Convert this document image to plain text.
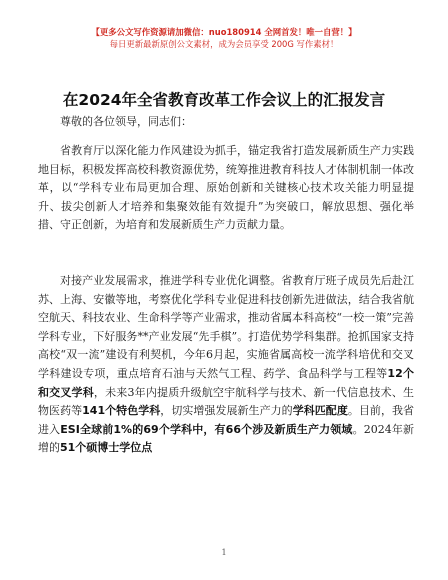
【更多公文写作资源请加微信：nuo180914 全网首发！唯一自营！】
每日更新最新原创公文素材，成为会员享受 200G 写作素材！
在2024年全省教育改革工作会议上的汇报发言
尊敬的各位领导，同志们：

省教育厅以深化能力作风建设为抓手，锚定我省打造发展新质生产力实践地目标，积极发挥高校科教资源优势，统筹推进教育科技人才体制机制一体改革，以“学科专业布局更加合理、原始创新和关键核心技术攻关能力明显提升、拔尖创新人才培养和集聚效能有效提升”为突破口，解放思想、强化举措、守正创新，为培育和发展新质生产力贡献力量。

对接产业发展需求，推进学科专业优化调整。省教育厅班子成员先后赴江苏、上海、安徽等地，考察优化学科专业促进科技创新先进做法，结合我省航空航天、科技农业、生命科学等产业需求，推动省属本科高校“一校一策”完善学科专业，下好服务**产业发展“先手棋”。打造优势学科集群。抢抓国家支持高校“双一流”建设有利契机，今年6月起，实施省属高校一流学科培优和交叉学科建设专项，重点培育石油与天然气工程、药学、食品科学与工程等12个和交叉学科，未来3年内提质升级航空宇航科学与技术、新一代信息技术、生物医药等141个特色学科，切实增强发展新生产力的学科匹配度。目前，我省进入ESI全球前1%的69个学科中，有66个涉及新质生产力领域。2024年新增的51个硕博士学位点

1
